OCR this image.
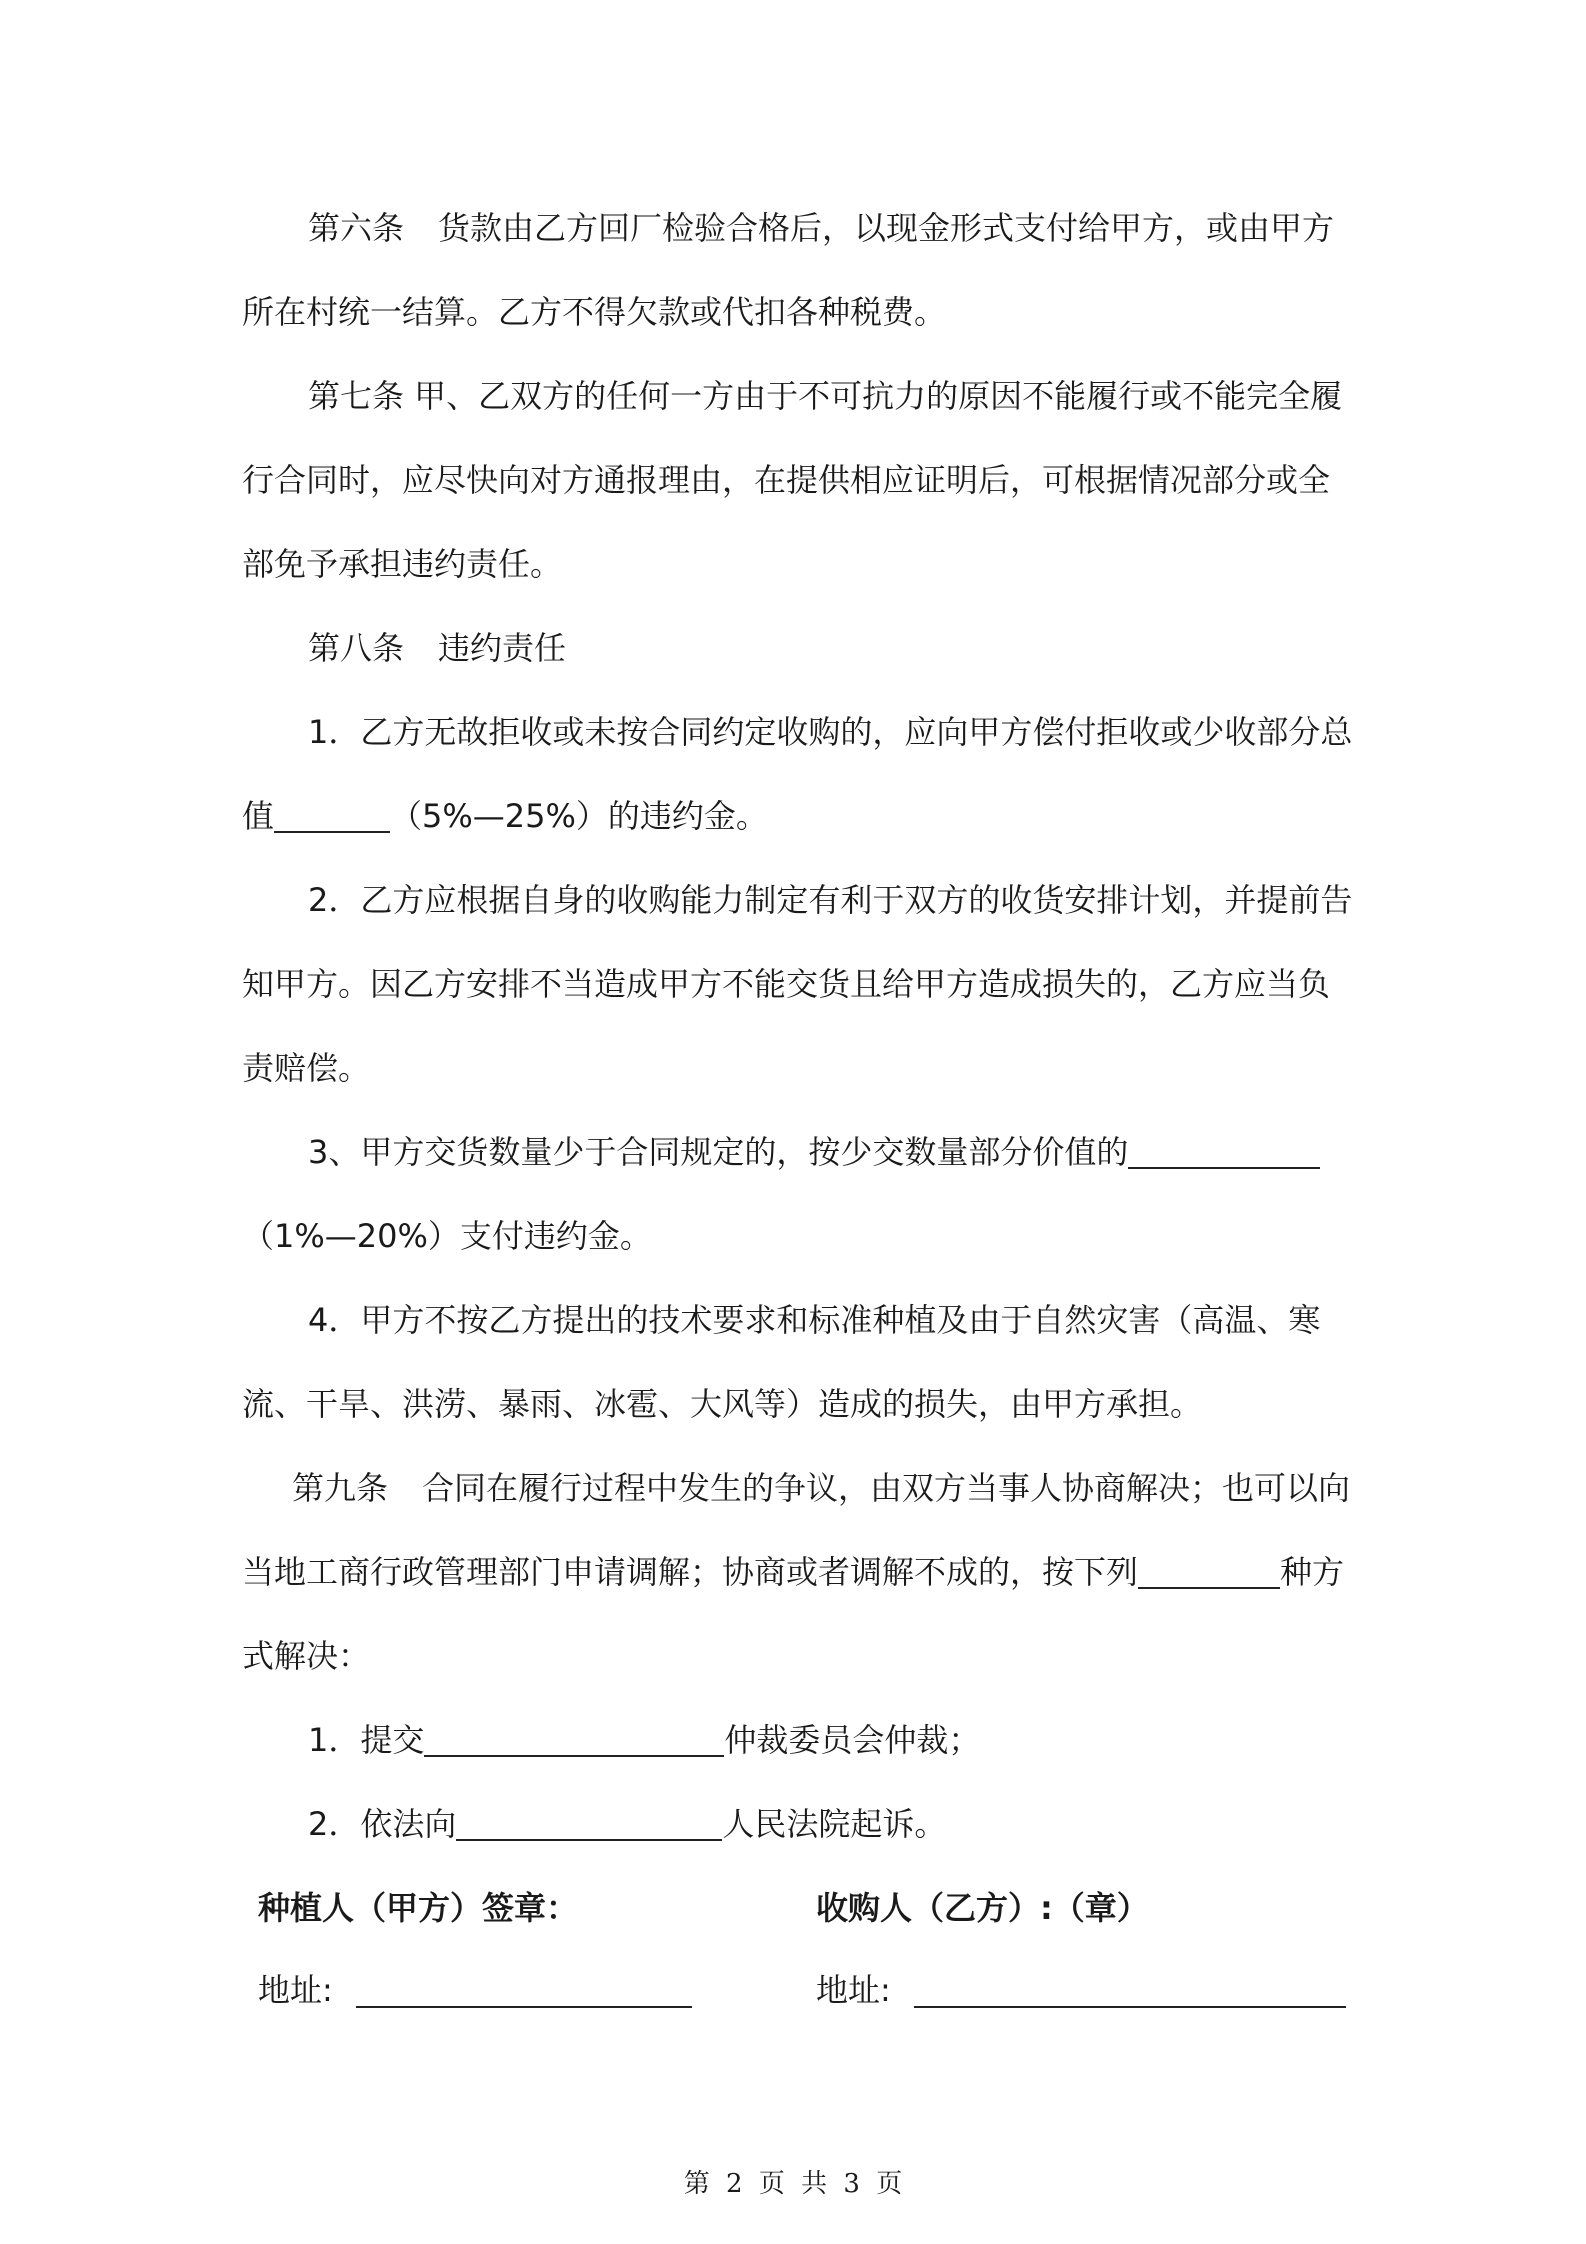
第六条 货款由乙方回厂检验合格后，以现金形式支付给甲方，或由甲方

所在村统一结算。乙方不得欠款或代扣各种税费。

第七条 甲、乙双方的任何一方由于不可抗力的原因不能履行或不能完全履

行合同时，应尽快向对方通报理由，在提供相应证明后，可根据情况部分或全

部免予承担违约责任。

第八条 违约责任

1．乙方无故拒收或未按合同约定收购的，应向甲方偿付拒收或少收部分总

值	（5%—25%）的违约金。

2．乙方应根据自身的收购能力制定有利于双方的收货安排计划，并提前告

知甲方。因乙方安排不当造成甲方不能交货且给甲方造成损失的，乙方应当负

责赔偿。

3、甲方交货数量少于合同规定的，按少交数量部分价值的

（1%—20%）支付违约金。

4．甲方不按乙方提出的技术要求和标准种植及由于自然灾害（高温、寒

流、干旱、洪涝、暴雨、冰雹、大风等）造成的损失，由甲方承担。

第九条 合同在履行过程中发生的争议，由双方当事人协商解决；也可以向

当地工商行政管理部门申请调解；协商或者调解不成的，按下列	种方

式解决：

1．提交	仲裁委员会仲裁；

2．依法向	人民法院起诉。

种植人（甲方）签章：	收购人（乙方）:（章）

地址:	地址:

第 2 页 共 3 页
